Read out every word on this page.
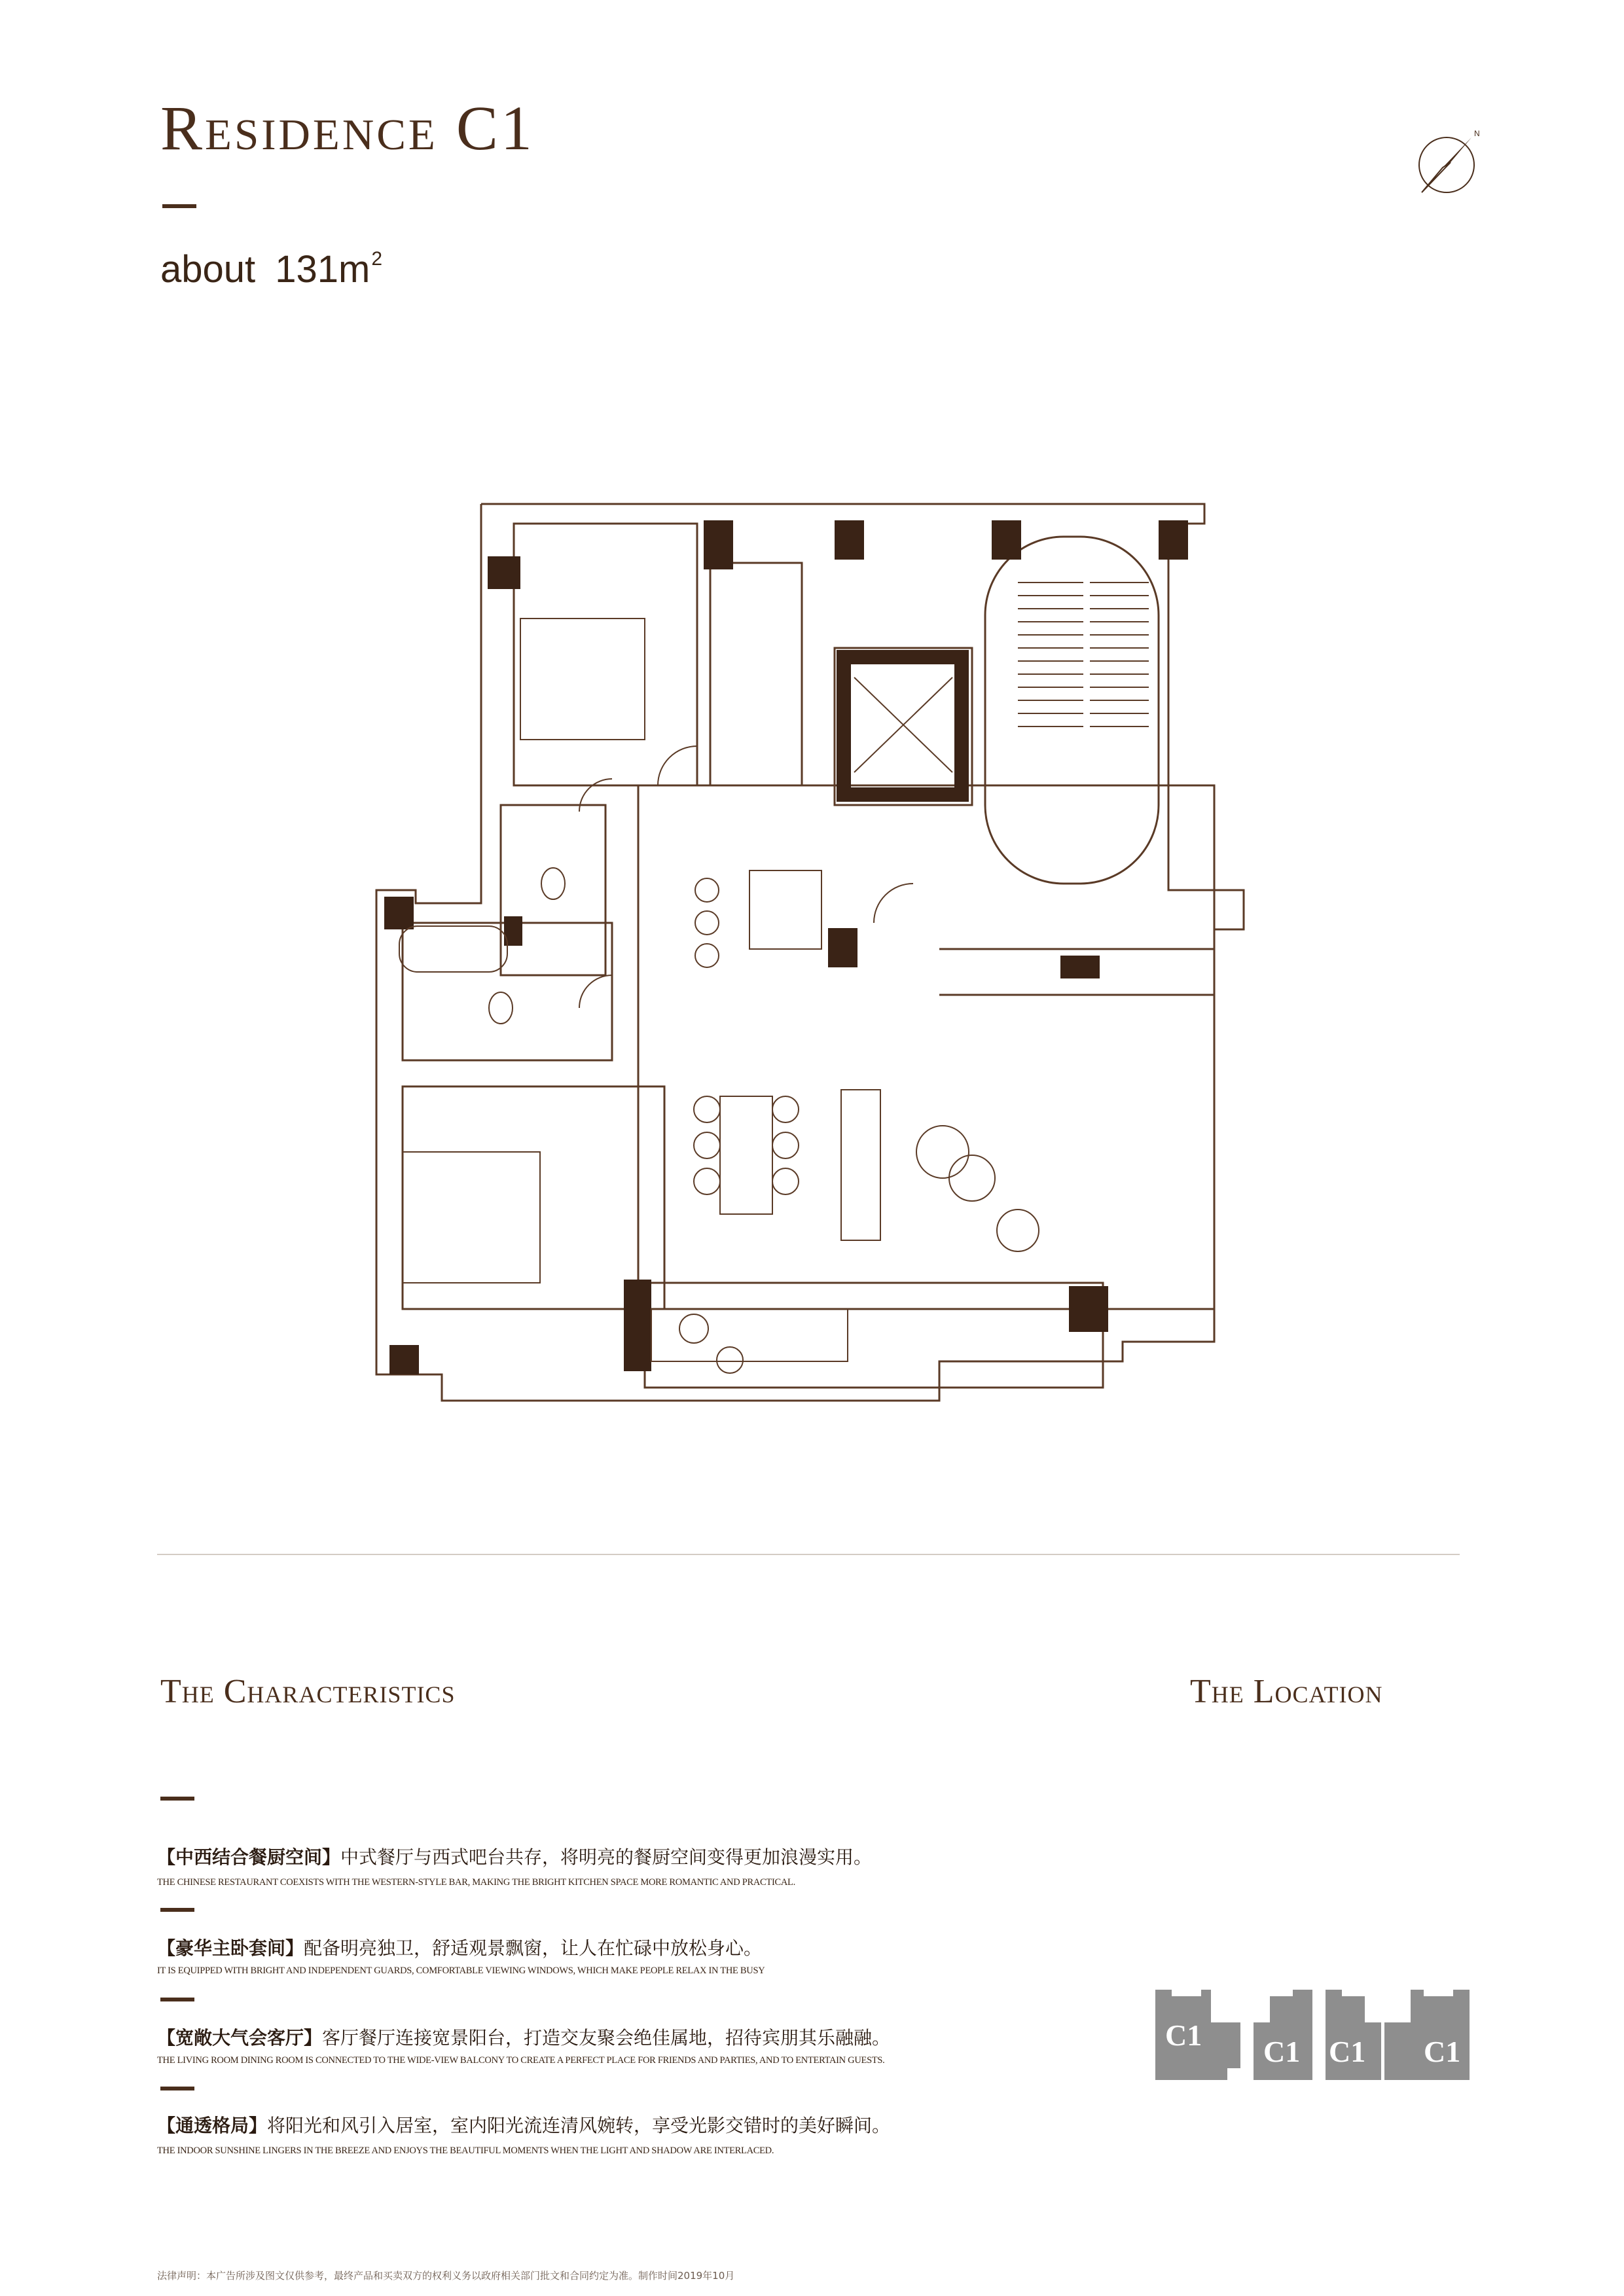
Residence C1
about $131m^2$
N
The Characteristics	The Location
【中西结合餐厨空间】中式餐厅与西式吧台共存，将明亮的餐厨空间变得更加浪漫实用。
THE CHINESE RESTAURANT COEXISTS WITH THE WESTERN-STYLE BAR, MAKING THE BRIGHT KITCHEN SPACE MORE ROMANTIC AND PRACTICAL.
【豪华主卧套间】配备明亮独卫，舒适观景飘窗，让人在忙碌中放松身心。
IT IS EQUIPPED WITH BRIGHT AND INDEPENDENT GUARDS, COMFORTABLE VIEWING WINDOWS, WHICH MAKE PEOPLE RELAX IN THE BUSY
【宽敞大气会客厅】客厅餐厅连接宽景阳台，打造交友聚会绝佳属地，招待宾朋其乐融融。
THE LIVING ROOM DINING ROOM IS CONNECTED TO THE WIDE-VIEW BALCONY TO CREATE A PERFECT PLACE FOR FRIENDS AND PARTIES, AND TO ENTERTAIN GUESTS.
【通透格局】将阳光和风引入居室，室内阳光流连清风婉转，享受光影交错时的美好瞬间。
THE INDOOR SUNSHINE LINGERS IN THE BREEZE AND ENJOYS THE BEAUTIFUL MOMENTS WHEN THE LIGHT AND SHADOW ARE INTERLACED.
C1 C1 C1 C1
法律声明：本广告所涉及图文仅供参考，最终产品和买卖双方的权利义务以政府相关部门批文和合同约定为准。制作时间2019年10月
